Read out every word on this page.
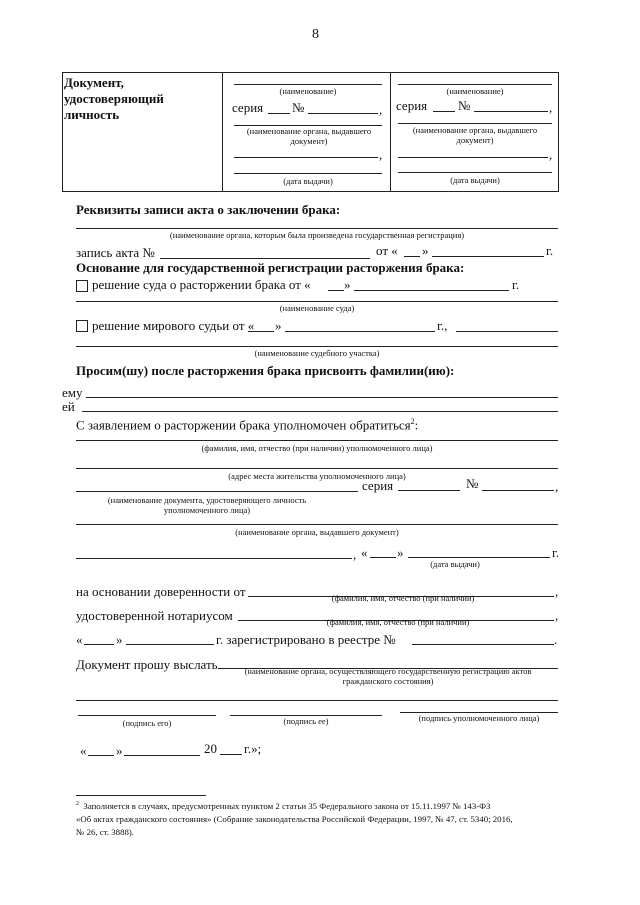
8
Документ,
удостоверяющий
личность
(наименование)
серия №	,
(наименование органа, выдавшего документ)
,
(дата выдачи)
(наименование)
серия №	,
(наименование органа, выдавшего документ)
,
(дата выдачи)
Реквизиты записи акта о заключении брака:
(наименование органа, которым была произведена государственная регистрация)
запись акта №	от « »	г.
Основание для государственной регистрации расторжения брака:
решение суда о расторжении брака от «	»	г.
(наименование суда)
решение мирового судьи от « »	г.,
(наименование судебного участка)
Просим(шу) после расторжения брака присвоить фамилии(ию):
ему
ей
С заявлением о расторжении брака уполномочен обратиться$^2$:
(фамилия, имя, отчество (при наличии) уполномоченного лица)
(адрес места жительства уполномоченного лица)
серия	№	,
(наименование документа, удостоверяющего личность
уполномоченного лица)
(наименование органа, выдавшего документ)
, « »	г.
(дата выдачи)
на основании доверенности от	,
(фамилия, имя, отчество (при наличии)
удостоверенной нотариусом	,
(фамилия, имя, отчество (при наличии)
«	»	г. зарегистрировано в реестре №	.
Документ прошу выслать	(наименование органа, осуществляющего государственную регистрацию актов
гражданского состояния)
(подпись его)	(подпись ее)	(подпись уполномоченного лица)
« »	20 г.»;
$^2$ Заполняется в случаях, предусмотренных пунктом 2 статьи 35 Федерального закона от 15.11.1997 № 143-ФЗ
«Об актах гражданского состояния» (Собрание законодательства Российской Федерации, 1997, № 47, ст. 5340; 2016,
№ 26, ст. 3888).
